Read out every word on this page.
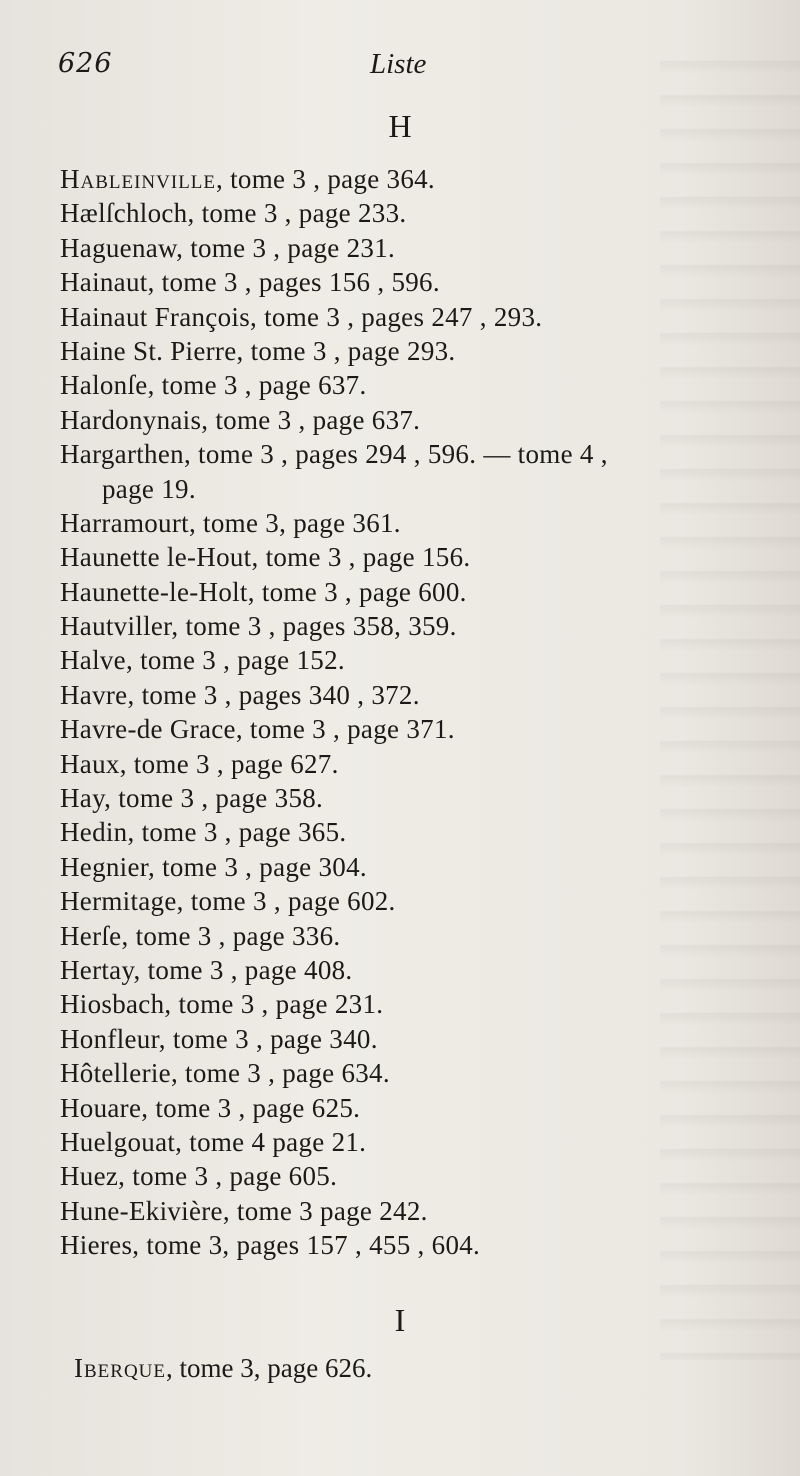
626	Liste
H
Hableinville, tome 3 , page 364.
Hælſchloch, tome 3 , page 233.
Haguenaw, tome 3 , page 231.
Hainaut, tome 3 , pages 156 , 596.
Hainaut François, tome 3 , pages 247 , 293.
Haine St. Pierre, tome 3 , page 293.
Halonſe, tome 3 , page 637.
Hardonynais, tome 3 , page 637.
Hargarthen, tome 3 , pages 294 , 596. — tome 4 ,
page 19.
Harramourt, tome 3, page 361.
Haunette le-Hout, tome 3 , page 156.
Haunette-le-Holt, tome 3 , page 600.
Hautviller, tome 3 , pages 358, 359.
Halve, tome 3 , page 152.
Havre, tome 3 , pages 340 , 372.
Havre-de Grace, tome 3 , page 371.
Haux, tome 3 , page 627.
Hay, tome 3 , page 358.
Hedin, tome 3 , page 365.
Hegnier, tome 3 , page 304.
Hermitage, tome 3 , page 602.
Herſe, tome 3 , page 336.
Hertay, tome 3 , page 408.
Hiosbach, tome 3 , page 231.
Honfleur, tome 3 , page 340.
Hôtellerie, tome 3 , page 634.
Houare, tome 3 , page 625.
Huelgouat, tome 4 page 21.
Huez, tome 3 , page 605.
Hune-Ekivière, tome 3 page 242.
Hieres, tome 3, pages 157 , 455 , 604.
I
Iberque, tome 3, page 626.
